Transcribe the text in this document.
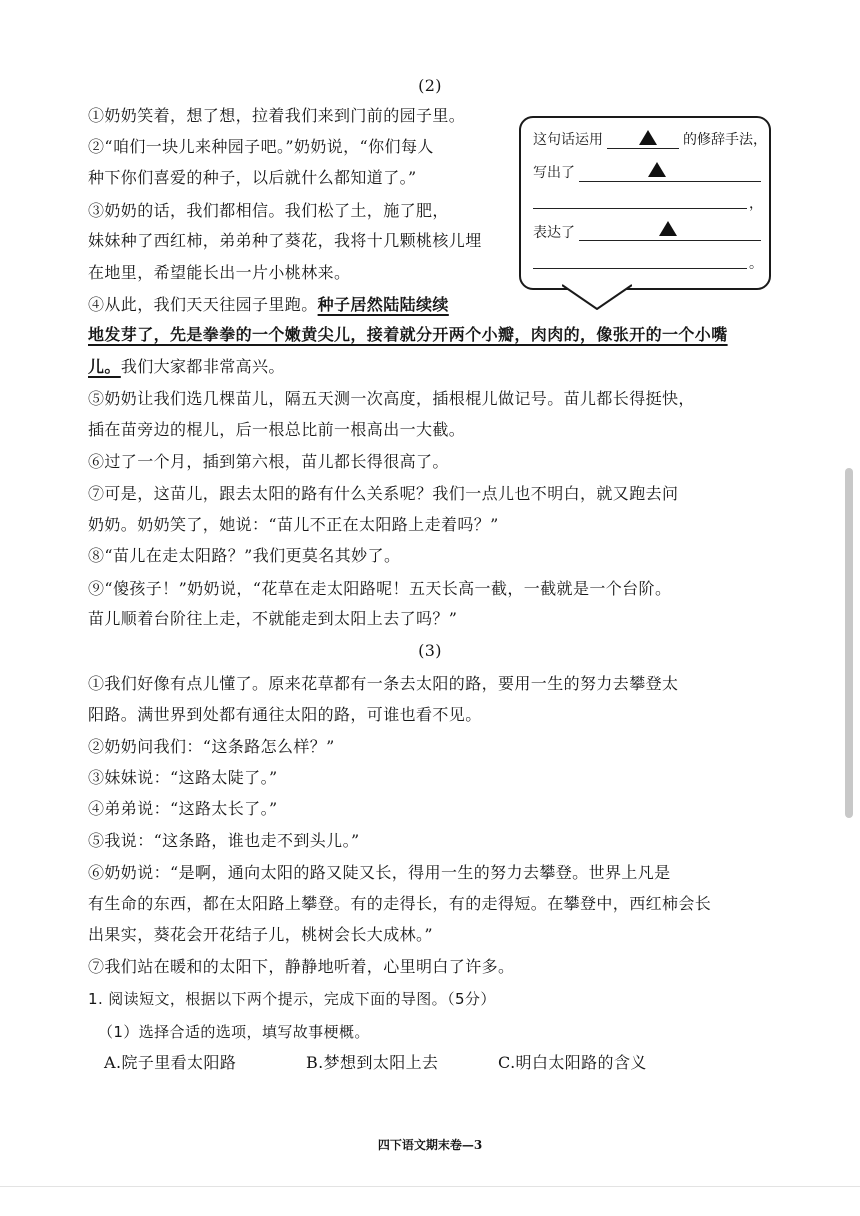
(2)

①奶奶笑着，想了想，拉着我们来到门前的园子里。

②“咱们一块儿来种园子吧。”奶奶说，“你们每人

种下你们喜爱的种子，以后就什么都知道了。”

③奶奶的话，我们都相信。我们松了土，施了肥，

妹妹种了西红柿，弟弟种了葵花，我将十几颗桃核儿埋

在地里，希望能长出一片小桃林来。

④从此，我们天天往园子里跑。种子居然陆陆续续

地发芽了，先是拳拳的一个嫩黄尖儿，接着就分开两个小瓣，肉肉的，像张开的一个小嘴

儿。我们大家都非常高兴。

⑤奶奶让我们选几棵苗儿，隔五天测一次高度，插根棍儿做记号。苗儿都长得挺快，

插在苗旁边的棍儿，后一根总比前一根高出一大截。

⑥过了一个月，插到第六根，苗儿都长得很高了。

⑦可是，这苗儿，跟去太阳的路有什么关系呢？我们一点儿也不明白，就又跑去问

奶奶。奶奶笑了，她说：“苗儿不正在太阳路上走着吗？”

⑧“苗儿在走太阳路？”我们更莫名其妙了。

⑨“傻孩子！”奶奶说，“花草在走太阳路呢！五天长高一截，一截就是一个台阶。

苗儿顺着台阶往上走，不就能走到太阳上去了吗？”

这句话运用	的修辞手法，

写出了

，

表达了

。

(3)

①我们好像有点儿懂了。原来花草都有一条去太阳的路，要用一生的努力去攀登太

阳路。满世界到处都有通往太阳的路，可谁也看不见。

②奶奶问我们：“这条路怎么样？”

③妹妹说：“这路太陡了。”

④弟弟说：“这路太长了。”

⑤我说：“这条路，谁也走不到头儿。”

⑥奶奶说：“是啊，通向太阳的路又陡又长，得用一生的努力去攀登。世界上凡是

有生命的东西，都在太阳路上攀登。有的走得长，有的走得短。在攀登中，西红柿会长

出果实，葵花会开花结子儿，桃树会长大成林。”

⑦我们站在暖和的太阳下，静静地听着，心里明白了许多。

1. 阅读短文，根据以下两个提示，完成下面的导图。（5分）

（1）选择合适的选项，填写故事梗概。

A.院子里看太阳路	B.梦想到太阳上去	C.明白太阳路的含义

四下语文期末卷—3
